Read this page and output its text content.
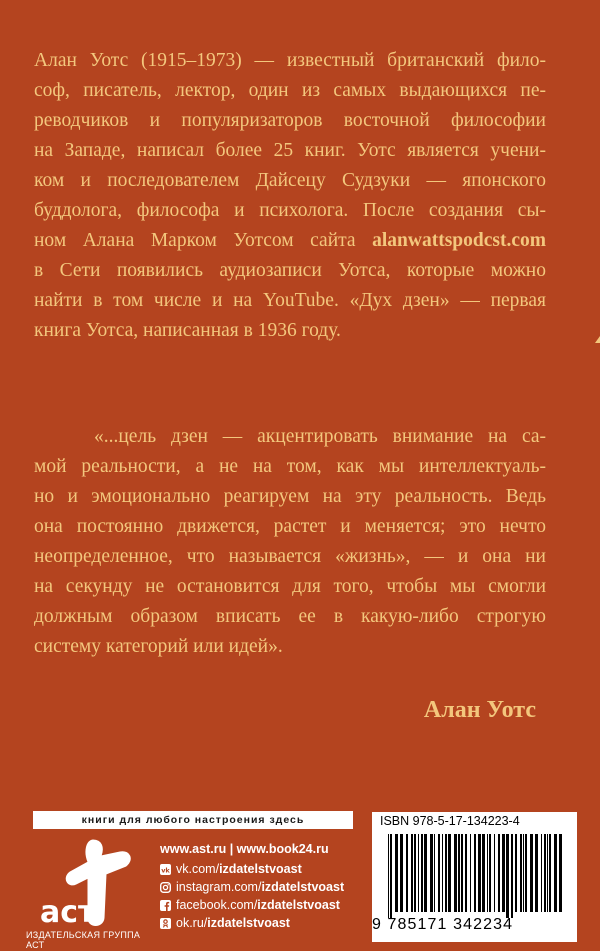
Алан Уотс (1915–1973) — известный британский фило-
соф, писатель, лектор, один из самых выдающихся пе-
реводчиков и популяризаторов восточной философии
на Западе, написал более 25 книг. Уотс является учени-
ком и последователем Дайсецу Судзуки — японского
буддолога, философа и психолога. После создания сы-
ном Алана Марком Уотсом сайта alanwattspodcst.com
в Сети появились аудиозаписи Уотса, которые можно
найти в том числе и на YouTube. «Дух дзен» — первая
книга Уотса, написанная в 1936 году.
«...цель дзен — акцентировать внимание на са-
мой реальности, а не на том, как мы интеллектуаль-
но и эмоционально реагируем на эту реальность. Ведь
она постоянно движется, растет и меняется; это нечто
неопределенное, что называется «жизнь», — и она ни
на секунду не остановится для того, чтобы мы смогли
должным образом вписать ее в какую-либо строгую
систему категорий или идей».
Алан Уотс
книги для любого настроения здесь
аст
ИЗДАТЕЛЬСКАЯ ГРУППА АСТ
www.ast.ru | www.book24.ru
vk vk.com/ izdatelstvoast
instagram.com/ izdatelstvoast
facebook.com/ izdatelstvoast
ok.ru/ izdatelstvoast
ISBN 978-5-17-134223-4
9 785171 342234
